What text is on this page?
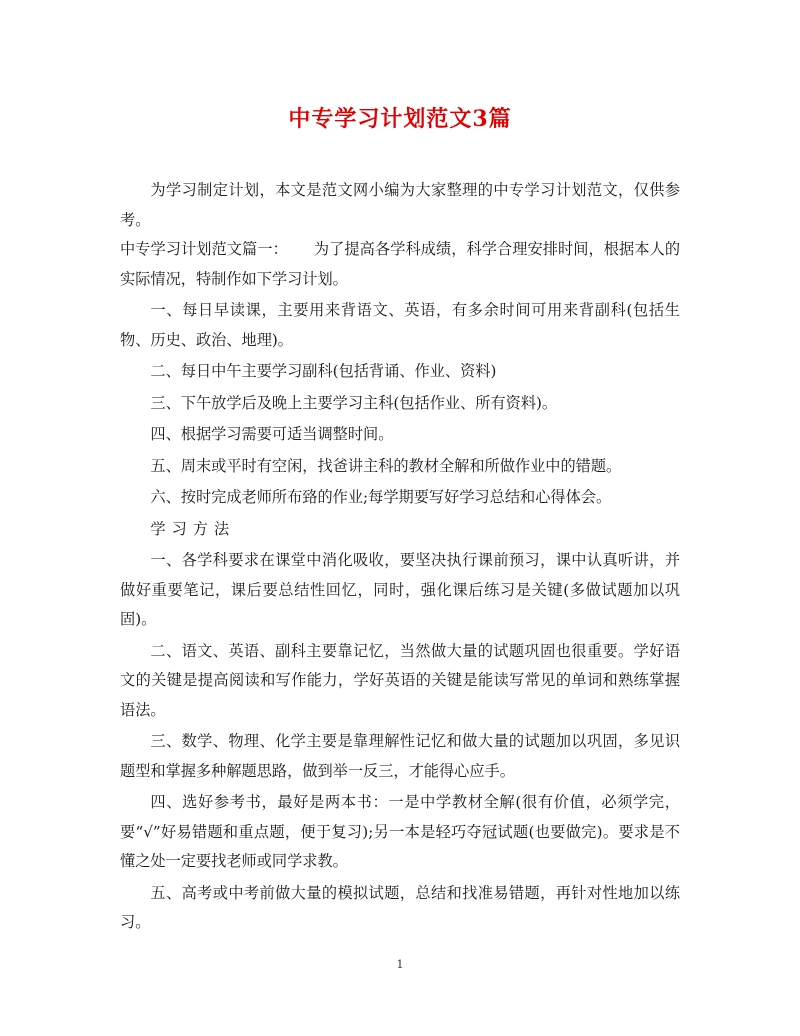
中专学习计划范文3篇

为学习制定计划，本文是范文网小编为大家整理的中专学习计划范文，仅供参考。

中专学习计划范文篇一： 为了提高各学科成绩，科学合理安排时间，根据本人的实际情况，特制作如下学习计划。

一、每日早读课，主要用来背语文、英语，有多余时间可用来背副科(包括生物、历史、政治、地理)。

二、每日中午主要学习副科(包括背诵、作业、资料)

三、下午放学后及晚上主要学习主科(包括作业、所有资料)。

四、根据学习需要可适当调整时间。

五、周末或平时有空闲，找爸讲主科的教材全解和所做作业中的错题。

六、按时完成老师所布臵的作业;每学期要写好学习总结和心得体会。

学习方法

一、各学科要求在课堂中消化吸收，要坚决执行课前预习，课中认真听讲，并做好重要笔记，课后要总结性回忆，同时，强化课后练习是关键(多做试题加以巩固)。

二、语文、英语、副科主要靠记忆，当然做大量的试题巩固也很重要。学好语文的关键是提高阅读和写作能力，学好英语的关键是能读写常见的单词和熟练掌握语法。

三、数学、物理、化学主要是靠理解性记忆和做大量的试题加以巩固，多见识题型和掌握多种解题思路，做到举一反三，才能得心应手。

四、选好参考书，最好是两本书：一是中学教材全解(很有价值，必须学完，要“√”好易错题和重点题，便于复习);另一本是轻巧夺冠试题(也要做完)。要求是不懂之处一定要找老师或同学求教。

五、高考或中考前做大量的模拟试题，总结和找准易错题，再针对性地加以练习。

1
